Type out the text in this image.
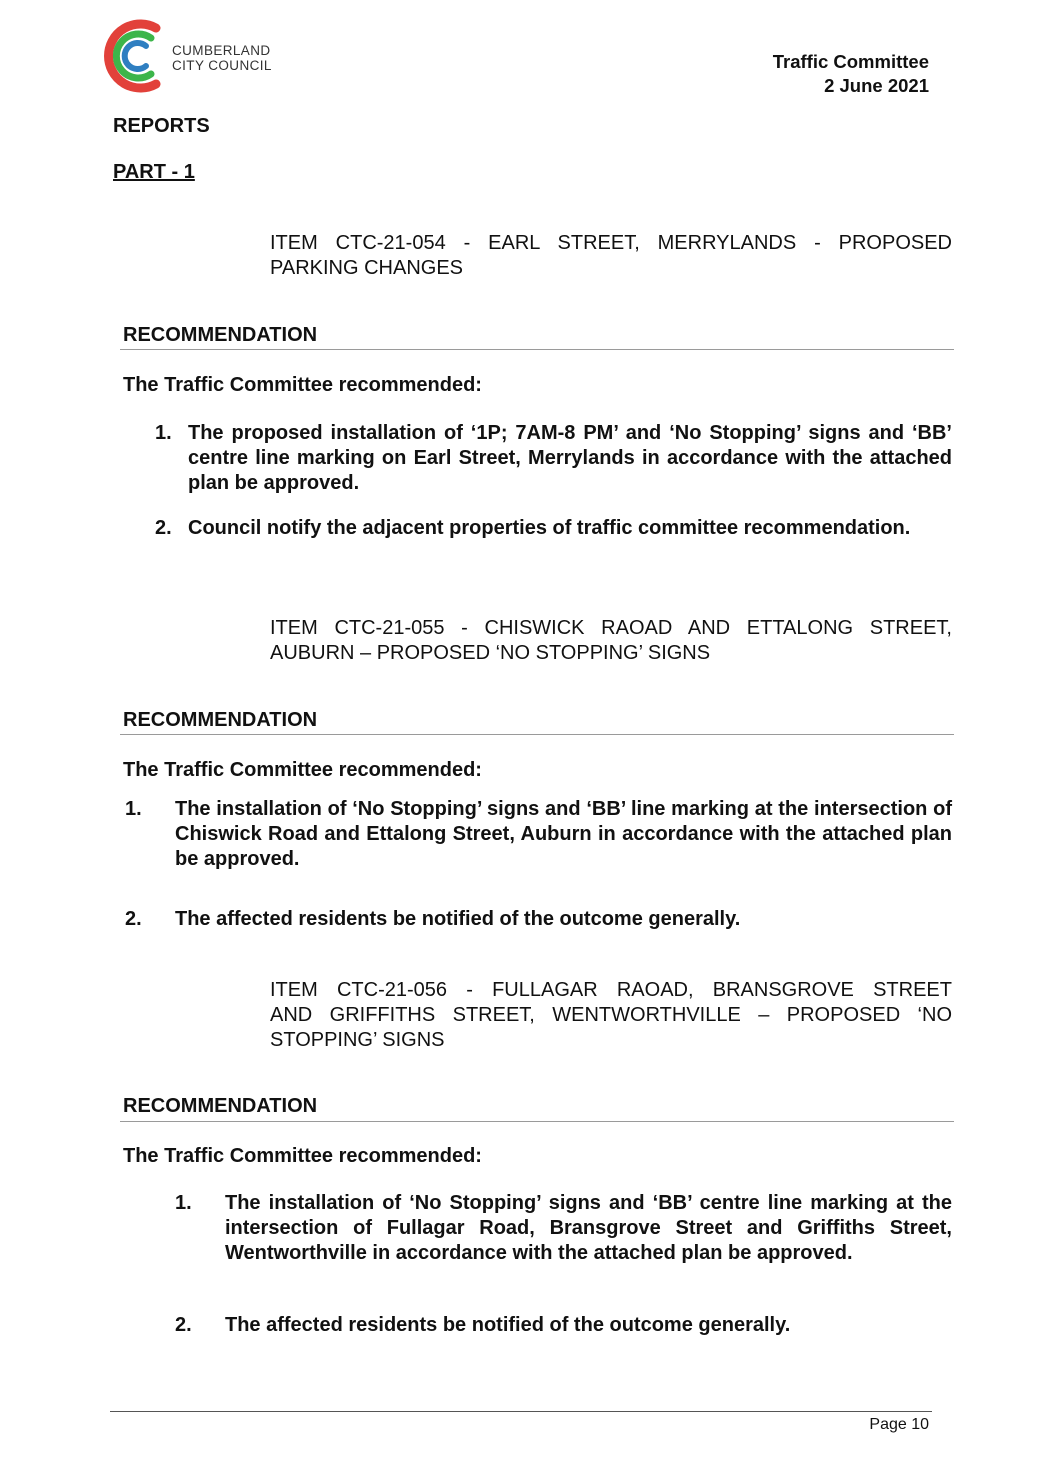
CUMBERLAND
CITY COUNCIL	Traffic Committee
2 June 2021
REPORTS
PART - 1
ITEM CTC-21-054 - EARL STREET, MERRYLANDS - PROPOSED
PARKING CHANGES
RECOMMENDATION
The Traffic Committee recommended:
1. The proposed installation of ‘1P; 7AM-8 PM’ and ‘No Stopping’ signs and ‘BB’ centre line marking on Earl Street, Merrylands in accordance with the attached plan be approved.
2. Council notify the adjacent properties of traffic committee recommendation.
ITEM CTC-21-055 - CHISWICK RAOAD AND ETTALONG STREET,
AUBURN – PROPOSED ‘NO STOPPING’ SIGNS
RECOMMENDATION
The Traffic Committee recommended:
1. The installation of ‘No Stopping’ signs and ‘BB’ line marking at the intersection of Chiswick Road and Ettalong Street, Auburn in accordance with the attached plan be approved.
2. The affected residents be notified of the outcome generally.
ITEM CTC-21-056 - FULLAGAR RAOAD, BRANSGROVE STREET
AND GRIFFITHS STREET, WENTWORTHVILLE – PROPOSED ‘NO
STOPPING’ SIGNS
RECOMMENDATION
The Traffic Committee recommended:
1. The installation of ‘No Stopping’ signs and ‘BB’ centre line marking at the intersection of Fullagar Road, Bransgrove Street and Griffiths Street, Wentworthville in accordance with the attached plan be approved.
2. The affected residents be notified of the outcome generally.
Page 10
